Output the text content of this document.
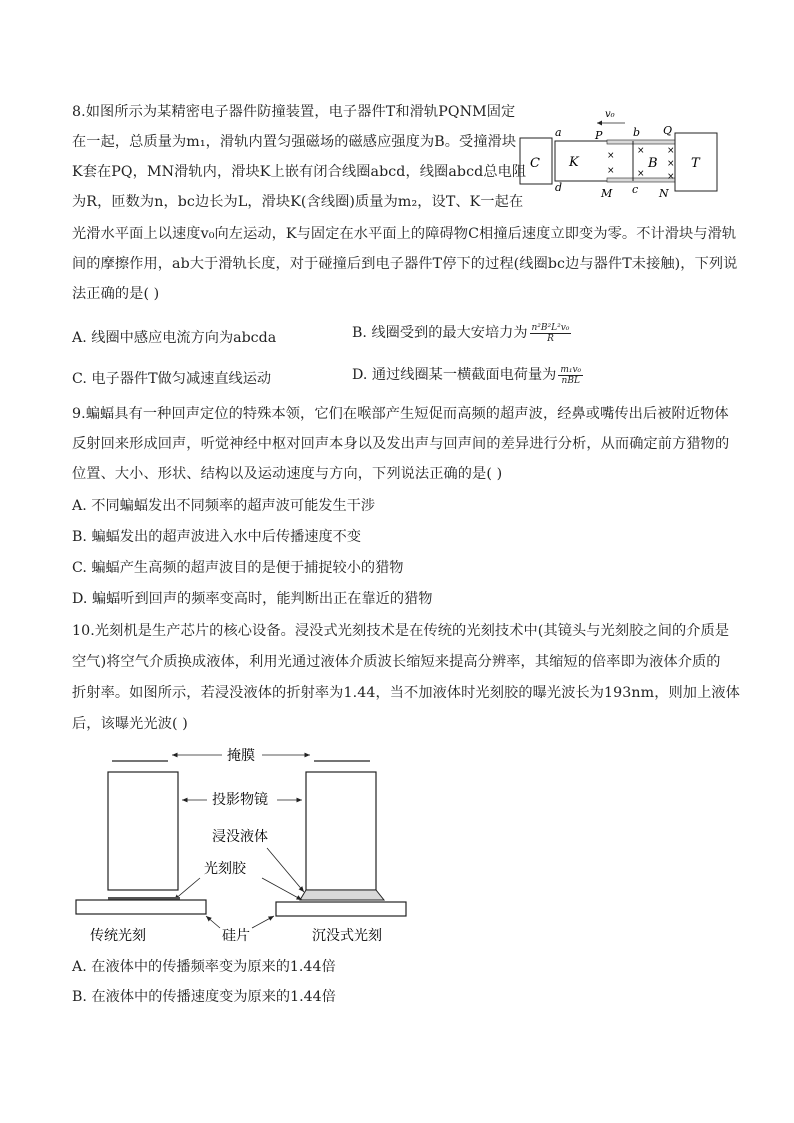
8.如图所示为某精密电子器件防撞装置，电子器件T和滑轨PQNM固定
在一起，总质量为m₁，滑轨内置匀强磁场的磁感应强度为B。受撞滑块
K套在PQ，MN滑轨内，滑块K上嵌有闭合线圈abcd，线圈abcd总电阻
为R，匝数为n，bc边长为L，滑块K(含线圈)质量为m₂，设T、K一起在
光滑水平面上以速度v₀向左运动，K与固定在水平面上的障碍物C相撞后速度立即变为零。不计滑块与滑轨
间的摩擦作用，ab大于滑轨长度，对于碰撞后到电子器件T停下的过程(线圈bc边与器件T未接触)，下列说
法正确的是( )
v₀
C K	B
×
×
× ×
×
× ×
T
a	b
c
d
P	Q
M	N
A. 线圈中感应电流方向为abcda	B. 线圈受到的最大安培力为 $\frac{\text{n²B²L²v₀}}{R}$
C. 电子器件T做匀减速直线运动	D. 通过线圈某一横截面电荷量为 $\frac{\text{m₁v₀}}{\text{nBL}}$
9.蝙蝠具有一种回声定位的特殊本领，它们在喉部产生短促而高频的超声波，经鼻或嘴传出后被附近物体
反射回来形成回声，听觉神经中枢对回声本身以及发出声与回声间的差异进行分析，从而确定前方猎物的
位置、大小、形状、结构以及运动速度与方向，下列说法正确的是( )
A. 不同蝙蝠发出不同频率的超声波可能发生干涉
B. 蝙蝠发出的超声波进入水中后传播速度不变
C. 蝙蝠产生高频的超声波目的是便于捕捉较小的猎物
D. 蝙蝠听到回声的频率变高时，能判断出正在靠近的猎物
10.光刻机是生产芯片的核心设备。浸没式光刻技术是在传统的光刻技术中(其镜头与光刻胶之间的介质是
空气)将空气介质换成液体，利用光通过液体介质波长缩短来提高分辨率，其缩短的倍率即为液体介质的
折射率。如图所示，若浸没液体的折射率为1.44，当不加液体时光刻胶的曝光波长为193nm，则加上液体
后，该曝光光波( )
掩膜
投影物镜
浸没液体
光刻胶
硅片
传统光刻	沉没式光刻
A. 在液体中的传播频率变为原来的1.44倍
B. 在液体中的传播速度变为原来的1.44倍
